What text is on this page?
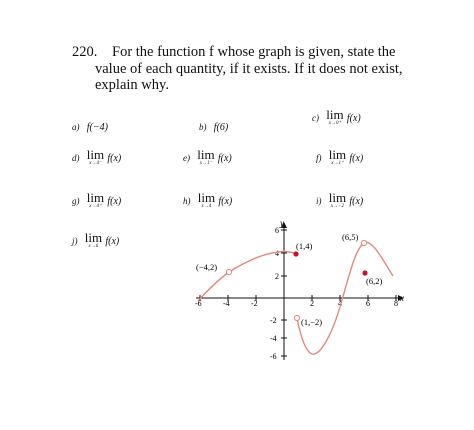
220. For the function f whose graph is given, state the
value of each quantity, if it exists. If it does not exist,
explain why.
a) f(−4)	b) f(6)
c) lim
x→0⁺ f(x)
d) lim
x→4⁻ f(x)	e) lim
x→1⁻ f(x)	f) lim
x→1⁺ f(x)
g) lim
x→4⁺ f(x)	h) lim
x→4 f(x)	i) lim
x→−2 f(x)
j) lim
x→6 f(x)
x
y
-6	-4	-2	2	4	6	8
6
4
2
-2
-4
-6
(1,4)
(6,5)
(−4,2)
(6,2)
(1,−2)
